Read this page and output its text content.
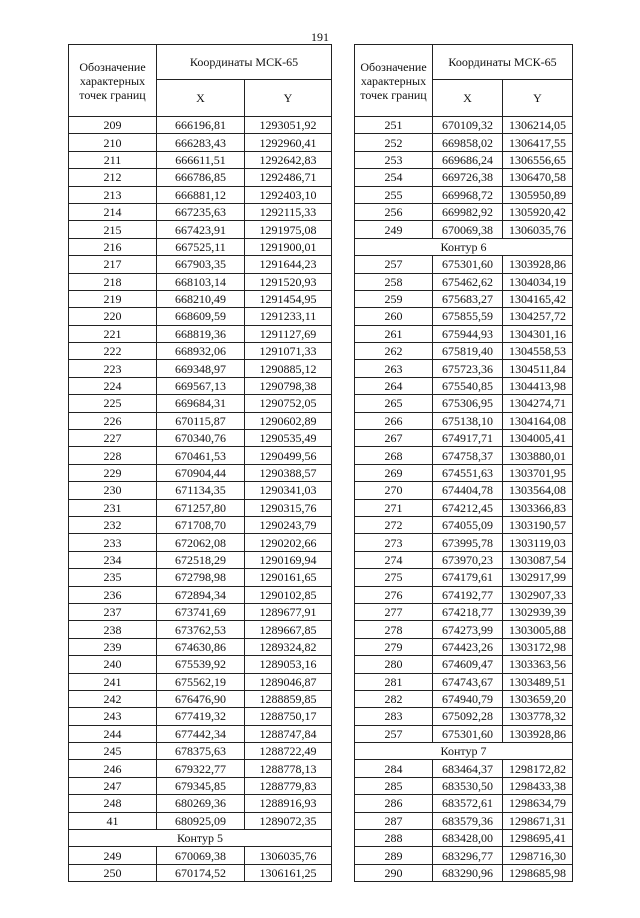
191
Обозначение характерных точек границ	Координаты МСК-65	
	X	Y
209	666196,81	1293051,92
210	666283,43	1292960,41
211	666611,51	1292642,83
212	666786,85	1292486,71
213	666881,12	1292403,10
214	667235,63	1292115,33
215	667423,91	1291975,08
216	667525,11	1291900,01
217	667903,35	1291644,23
218	668103,14	1291520,93
219	668210,49	1291454,95
220	668609,59	1291233,11
221	668819,36	1291127,69
222	668932,06	1291071,33
223	669348,97	1290885,12
224	669567,13	1290798,38
225	669684,31	1290752,05
226	670115,87	1290602,89
227	670340,76	1290535,49
228	670461,53	1290499,56
229	670904,44	1290388,57
230	671134,35	1290341,03
231	671257,80	1290315,76
232	671708,70	1290243,79
233	672062,08	1290202,66
234	672518,29	1290169,94
235	672798,98	1290161,65
236	672894,34	1290102,85
237	673741,69	1289677,91
238	673762,53	1289667,85
239	674630,86	1289324,82
240	675539,92	1289053,16
241	675562,19	1289046,87
242	676476,90	1288859,85
243	677419,32	1288750,17
244	677442,34	1288747,84
245	678375,63	1288722,49
246	679322,77	1288778,13
247	679345,85	1288779,83
248	680269,36	1288916,93
41	680925,09	1289072,35
Контур 5		
249	670069,38	1306035,76
250	670174,52	1306161,25
Обозначение характерных точек границ	Координаты МСК-65	
	X	Y
251	670109,32	1306214,05
252	669858,02	1306417,55
253	669686,24	1306556,65
254	669726,38	1306470,58
255	669968,72	1305950,89
256	669982,92	1305920,42
249	670069,38	1306035,76
Контур 6		
257	675301,60	1303928,86
258	675462,62	1304034,19
259	675683,27	1304165,42
260	675855,59	1304257,72
261	675944,93	1304301,16
262	675819,40	1304558,53
263	675723,36	1304511,84
264	675540,85	1304413,98
265	675306,95	1304274,71
266	675138,10	1304164,08
267	674917,71	1304005,41
268	674758,37	1303880,01
269	674551,63	1303701,95
270	674404,78	1303564,08
271	674212,45	1303366,83
272	674055,09	1303190,57
273	673995,78	1303119,03
274	673970,23	1303087,54
275	674179,61	1302917,99
276	674192,77	1302907,33
277	674218,77	1302939,39
278	674273,99	1303005,88
279	674423,26	1303172,98
280	674609,47	1303363,56
281	674743,67	1303489,51
282	674940,79	1303659,20
283	675092,28	1303778,32
257	675301,60	1303928,86
Контур 7		
284	683464,37	1298172,82
285	683530,50	1298433,38
286	683572,61	1298634,79
287	683579,36	1298671,31
288	683428,00	1298695,41
289	683296,77	1298716,30
290	683290,96	1298685,98
